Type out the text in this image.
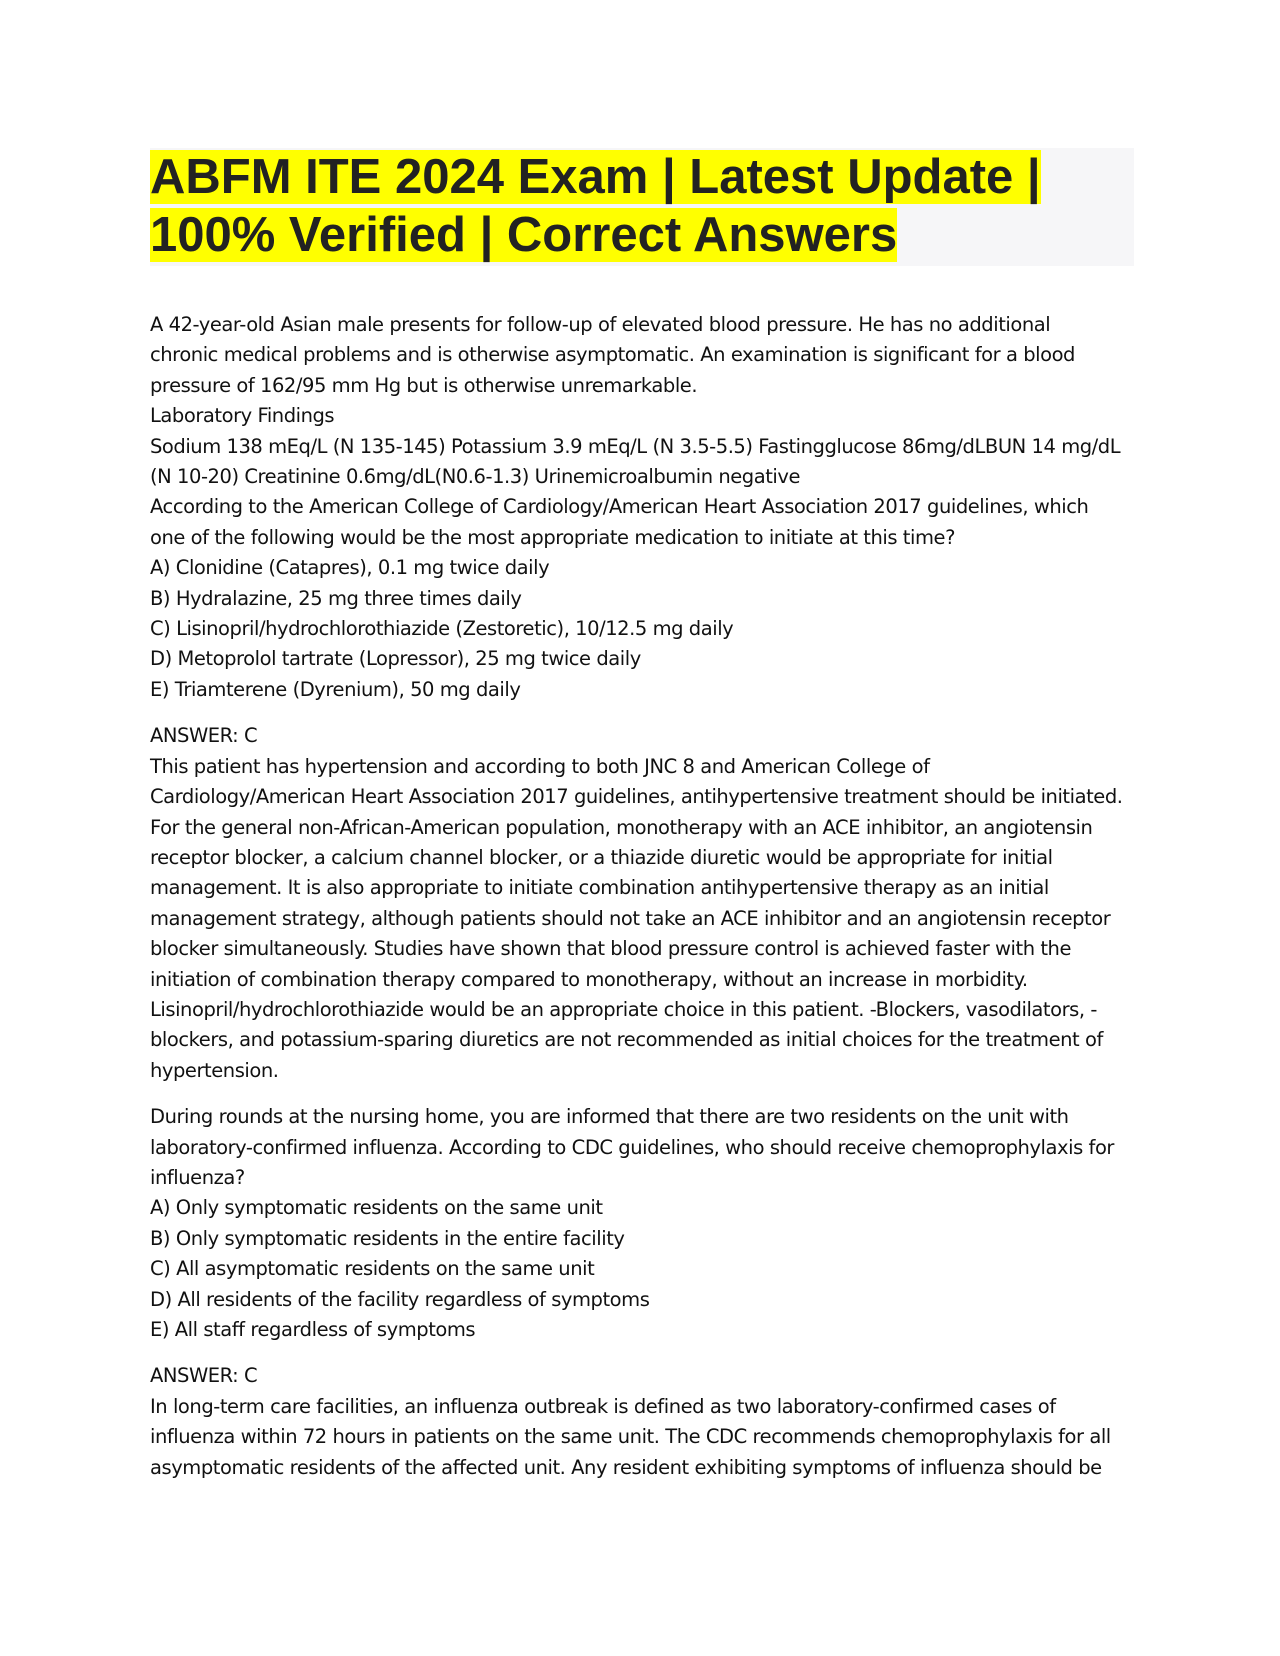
ABFM ITE 2024 Exam | Latest Update |
100% Verified | Correct Answers
A 42-year-old Asian male presents for follow-up of elevated blood pressure. He has no additional
chronic medical problems and is otherwise asymptomatic. An examination is significant for a blood
pressure of 162/95 mm Hg but is otherwise unremarkable.
Laboratory Findings
Sodium 138 mEq/L (N 135-145) Potassium 3.9 mEq/L (N 3.5-5.5) Fastingglucose 86mg/dLBUN 14 mg/dL
(N 10-20) Creatinine 0.6mg/dL(N0.6-1.3) Urinemicroalbumin negative
According to the American College of Cardiology/American Heart Association 2017 guidelines, which
one of the following would be the most appropriate medication to initiate at this time?
A) Clonidine (Catapres), 0.1 mg twice daily
B) Hydralazine, 25 mg three times daily
C) Lisinopril/hydrochlorothiazide (Zestoretic), 10/12.5 mg daily
D) Metoprolol tartrate (Lopressor), 25 mg twice daily
E) Triamterene (Dyrenium), 50 mg daily
ANSWER: C
This patient has hypertension and according to both JNC 8 and American College of
Cardiology/American Heart Association 2017 guidelines, antihypertensive treatment should be initiated.
For the general non-African-American population, monotherapy with an ACE inhibitor, an angiotensin
receptor blocker, a calcium channel blocker, or a thiazide diuretic would be appropriate for initial
management. It is also appropriate to initiate combination antihypertensive therapy as an initial
management strategy, although patients should not take an ACE inhibitor and an angiotensin receptor
blocker simultaneously. Studies have shown that blood pressure control is achieved faster with the
initiation of combination therapy compared to monotherapy, without an increase in morbidity.
Lisinopril/hydrochlorothiazide would be an appropriate choice in this patient. -Blockers, vasodilators, -
blockers, and potassium-sparing diuretics are not recommended as initial choices for the treatment of
hypertension.
During rounds at the nursing home, you are informed that there are two residents on the unit with
laboratory-confirmed influenza. According to CDC guidelines, who should receive chemoprophylaxis for
influenza?
A) Only symptomatic residents on the same unit
B) Only symptomatic residents in the entire facility
C) All asymptomatic residents on the same unit
D) All residents of the facility regardless of symptoms
E) All staff regardless of symptoms
ANSWER: C
In long-term care facilities, an influenza outbreak is defined as two laboratory-confirmed cases of
influenza within 72 hours in patients on the same unit. The CDC recommends chemoprophylaxis for all
asymptomatic residents of the affected unit. Any resident exhibiting symptoms of influenza should be
